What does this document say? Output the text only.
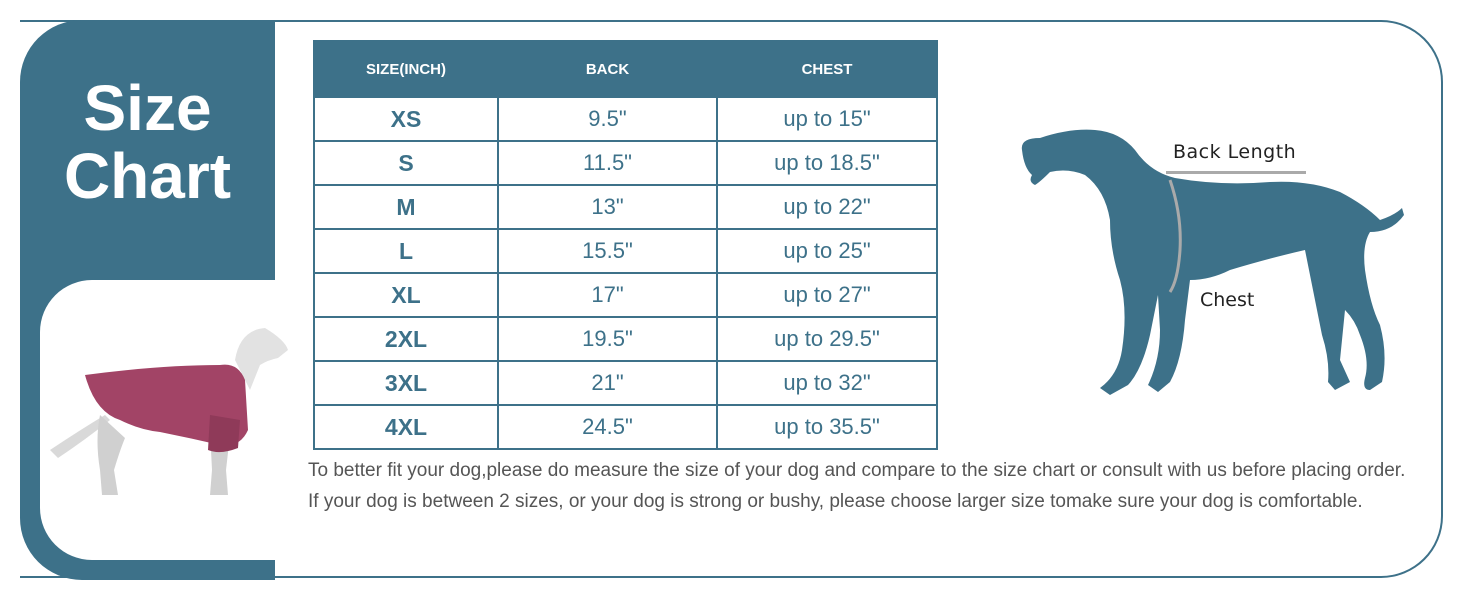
Size
Chart
SIZE(INCH)	BACK	CHEST
XS	9.5"	up to 15"
S	11.5"	up to 18.5"
M	13"	up to 22"
L	15.5"	up to 25"
XL	17"	up to 27"
2XL	19.5"	up to 29.5"
3XL	21"	up to 32"
4XL	24.5"	up to 35.5"

To better fit your dog,please do measure the size of your dog and compare to the size chart or consult with us before placing order.

If your dog is between 2 sizes, or your dog is strong or bushy, please choose larger size tomake sure your dog is comfortable.

Back Length
Chest
